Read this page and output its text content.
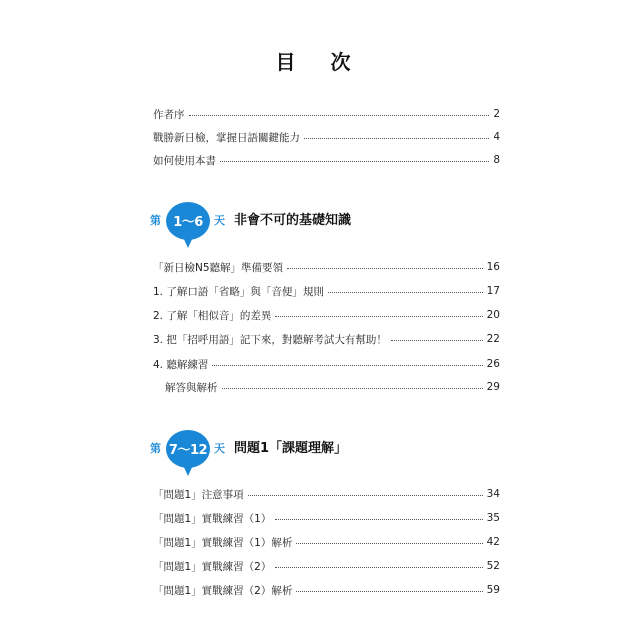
目 次
作者序	2
戰勝新日檢，掌握日語關鍵能力	4
如何使用本書	8
第 1～6	天 非會不可的基礎知識
「新日檢N5聽解」準備要領	16
1. 了解口語「省略」與「音便」規則	17
2. 了解「相似音」的差異	20
3. 把「招呼用語」記下來，對聽解考試大有幫助！	22
4. 聽解練習	26
解答與解析	29
第 7～12 天 問題1「課題理解」
「問題1」注意事項	34
「問題1」實戰練習（1）	35
「問題1」實戰練習（1）解析	42
「問題1」實戰練習（2）	52
「問題1」實戰練習（2）解析	59
